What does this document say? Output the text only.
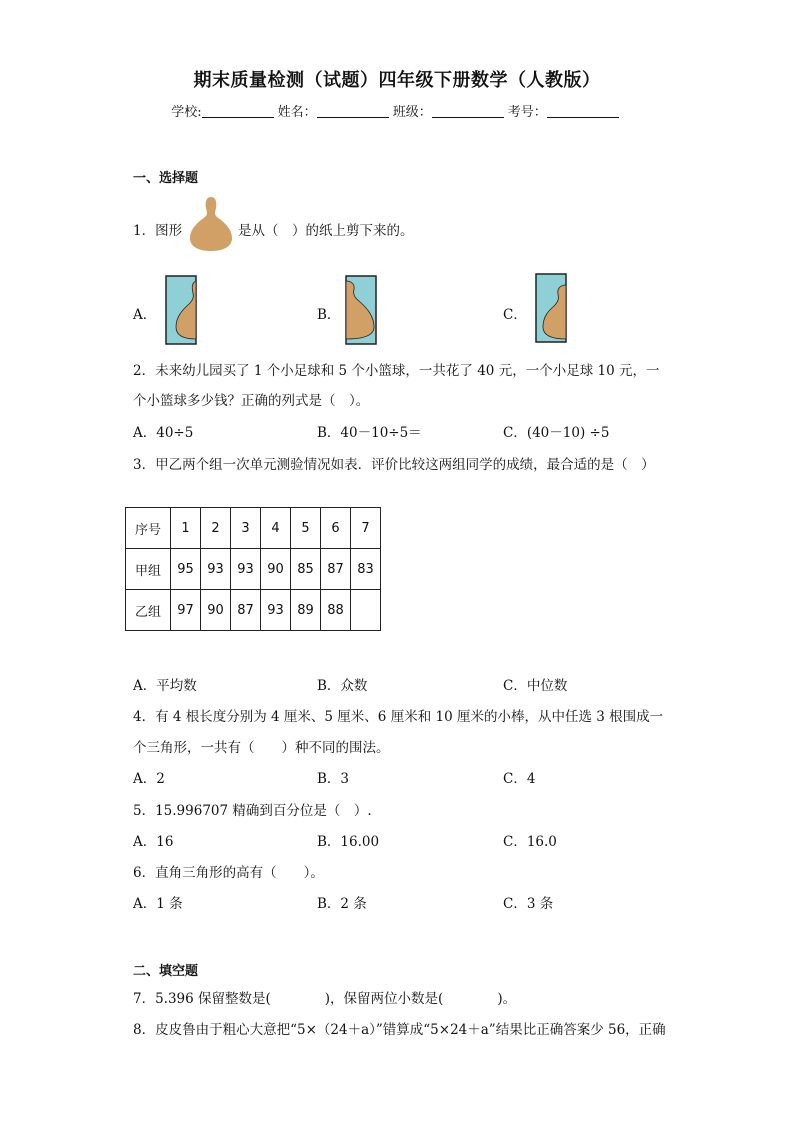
期末质量检测（试题）四年级下册数学（人教版）
学校:	姓名：	班级：	考号：
一、选择题
1．图形	是从（　）的纸上剪下来的。
A．	B．	C．
2．未来幼儿园买了 1 个小足球和 5 个小篮球，一共花了 40 元，一个小足球 10 元，一
个小篮球多少钱？正确的列式是（　）。
A．40÷5	B．40－10÷5＝	C．(40－10) ÷5
3．甲乙两个组一次单元测验情况如表．评价比较这两组同学的成绩，最合适的是（　）
序号	1	2	3	4	5	6	7
甲组	95	93	93	90	85	87	83
乙组	97	90	87	93	89	88	
A．平均数	B．众数	C．中位数
4．有 4 根长度分别为 4 厘米、5 厘米、6 厘米和 10 厘米的小棒，从中任选 3 根围成一
个三角形，一共有（　　）种不同的围法。
A．2	B．3	C．4
5．15.996707 精确到百分位是（　）.
A．16	B．16.00	C．16.0
6．直角三角形的高有（　　）。
A．1 条	B．2 条	C．3 条
二、填空题
7．5.396 保留整数是(　　　　)，保留两位小数是(　　　　)。
8．皮皮鲁由于粗心大意把“5×（24＋a）”错算成“5×24＋a”结果比正确答案少 56，正确
